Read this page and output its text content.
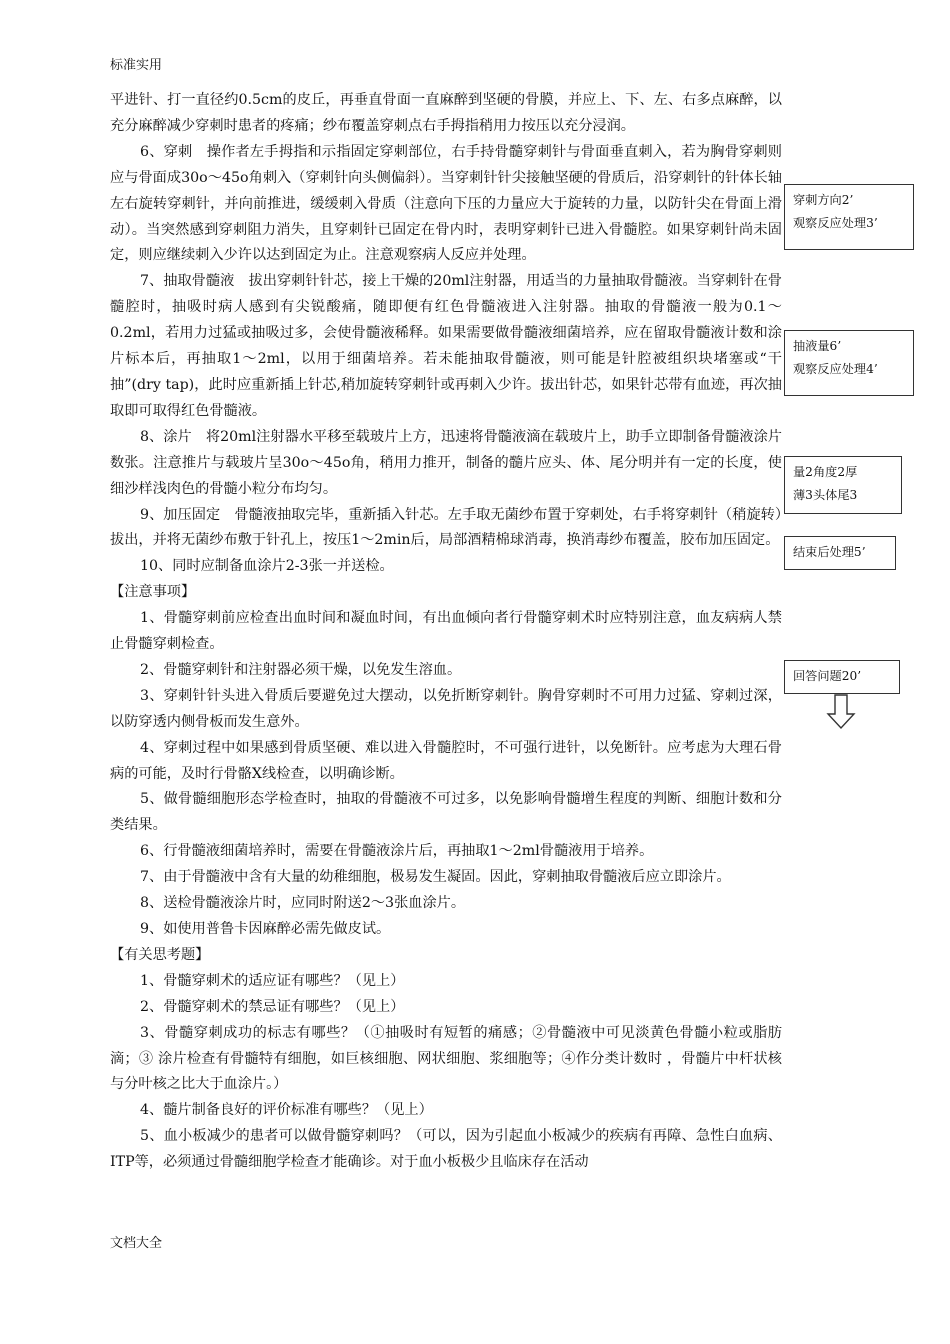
标准实用

平进针、打一直径约0.5cm的皮丘，再垂直骨面一直麻醉到坚硬的骨膜，并应上、下、左、右多点麻醉，以充分麻醉减少穿刺时患者的疼痛；纱布覆盖穿刺点右手拇指稍用力按压以充分浸润。

6、穿刺　操作者左手拇指和示指固定穿刺部位，右手持骨髓穿刺针与骨面垂直刺入，若为胸骨穿刺则应与骨面成30o～45o角刺入（穿刺针向头侧偏斜）。当穿刺针针尖接触坚硬的骨质后，沿穿刺针的针体长轴左右旋转穿刺针，并向前推进，缓缓刺入骨质（注意向下压的力量应大于旋转的力量，以防针尖在骨面上滑动）。当突然感到穿刺阻力消失，且穿刺针已固定在骨内时，表明穿刺针已进入骨髓腔。如果穿刺针尚未固定，则应继续刺入少许以达到固定为止。注意观察病人反应并处理。

7、抽取骨髓液　拔出穿刺针针芯，接上干燥的20ml注射器，用适当的力量抽取骨髓液。当穿刺针在骨髓腔时，抽吸时病人感到有尖锐酸痛，随即便有红色骨髓液进入注射器。抽取的骨髓液一般为0.1～0.2ml，若用力过猛或抽吸过多，会使骨髓液稀释。如果需要做骨髓液细菌培养，应在留取骨髓液计数和涂片标本后，再抽取1～2ml，以用于细菌培养。若未能抽取骨髓液，则可能是针腔被组织块堵塞或“干抽”(dry tap)，此时应重新插上针芯,稍加旋转穿刺针或再刺入少许。拔出针芯，如果针芯带有血迹，再次抽取即可取得红色骨髓液。

8、涂片　将20ml注射器水平移至载玻片上方，迅速将骨髓液滴在载玻片上，助手立即制备骨髓液涂片数张。注意推片与载玻片呈30o～45o角，稍用力推开，制备的髓片应头、体、尾分明并有一定的长度，使细沙样浅肉色的骨髓小粒分布均匀。

9、加压固定　骨髓液抽取完毕，重新插入针芯。左手取无菌纱布置于穿刺处，右手将穿刺针（稍旋转）拔出，并将无菌纱布敷于针孔上，按压1～2min后，局部酒精棉球消毒，换消毒纱布覆盖，胶布加压固定。

10、同时应制备血涂片2-3张一并送检。

【注意事项】

1、骨髓穿刺前应检查出血时间和凝血时间，有出血倾向者行骨髓穿刺术时应特别注意，血友病病人禁止骨髓穿刺检查。

2、骨髓穿刺针和注射器必须干燥，以免发生溶血。

3、穿刺针针头进入骨质后要避免过大摆动，以免折断穿刺针。胸骨穿刺时不可用力过猛、穿刺过深，以防穿透内侧骨板而发生意外。

4、穿刺过程中如果感到骨质坚硬、难以进入骨髓腔时，不可强行进针，以免断针。应考虑为大理石骨病的可能，及时行骨骼X线检查，以明确诊断。

5、做骨髓细胞形态学检查时，抽取的骨髓液不可过多，以免影响骨髓增生程度的判断、细胞计数和分类结果。

6、行骨髓液细菌培养时，需要在骨髓液涂片后，再抽取1～2ml骨髓液用于培养。

7、由于骨髓液中含有大量的幼稚细胞，极易发生凝固。因此，穿刺抽取骨髓液后应立即涂片。

8、送检骨髓液涂片时，应同时附送2～3张血涂片。

9、如使用普鲁卡因麻醉必需先做皮试。

【有关思考题】

1、骨髓穿刺术的适应证有哪些？（见上）

2、骨髓穿刺术的禁忌证有哪些？（见上）

3、骨髓穿刺成功的标志有哪些？（①抽吸时有短暂的痛感；②骨髓液中可见淡黄色骨髓小粒或脂肪滴；③ 涂片检查有骨髓特有细胞，如巨核细胞、网状细胞、浆细胞等；④作分类计数时 ，骨髓片中杆状核与分叶核之比大于血涂片。）

4、髓片制备良好的评价标准有哪些？（见上）

5、血小板减少的患者可以做骨髓穿刺吗？（可以，因为引起血小板减少的疾病有再障、急性白血病、ITP等，必须通过骨髓细胞学检查才能确诊。对于血小板极少且临床存在活动

穿刺方向2’
观察反应处理3’
抽液量6’
观察反应处理4’
量2角度2厚
薄3头体尾3
结束后处理5’
回答问题20’
文档大全
